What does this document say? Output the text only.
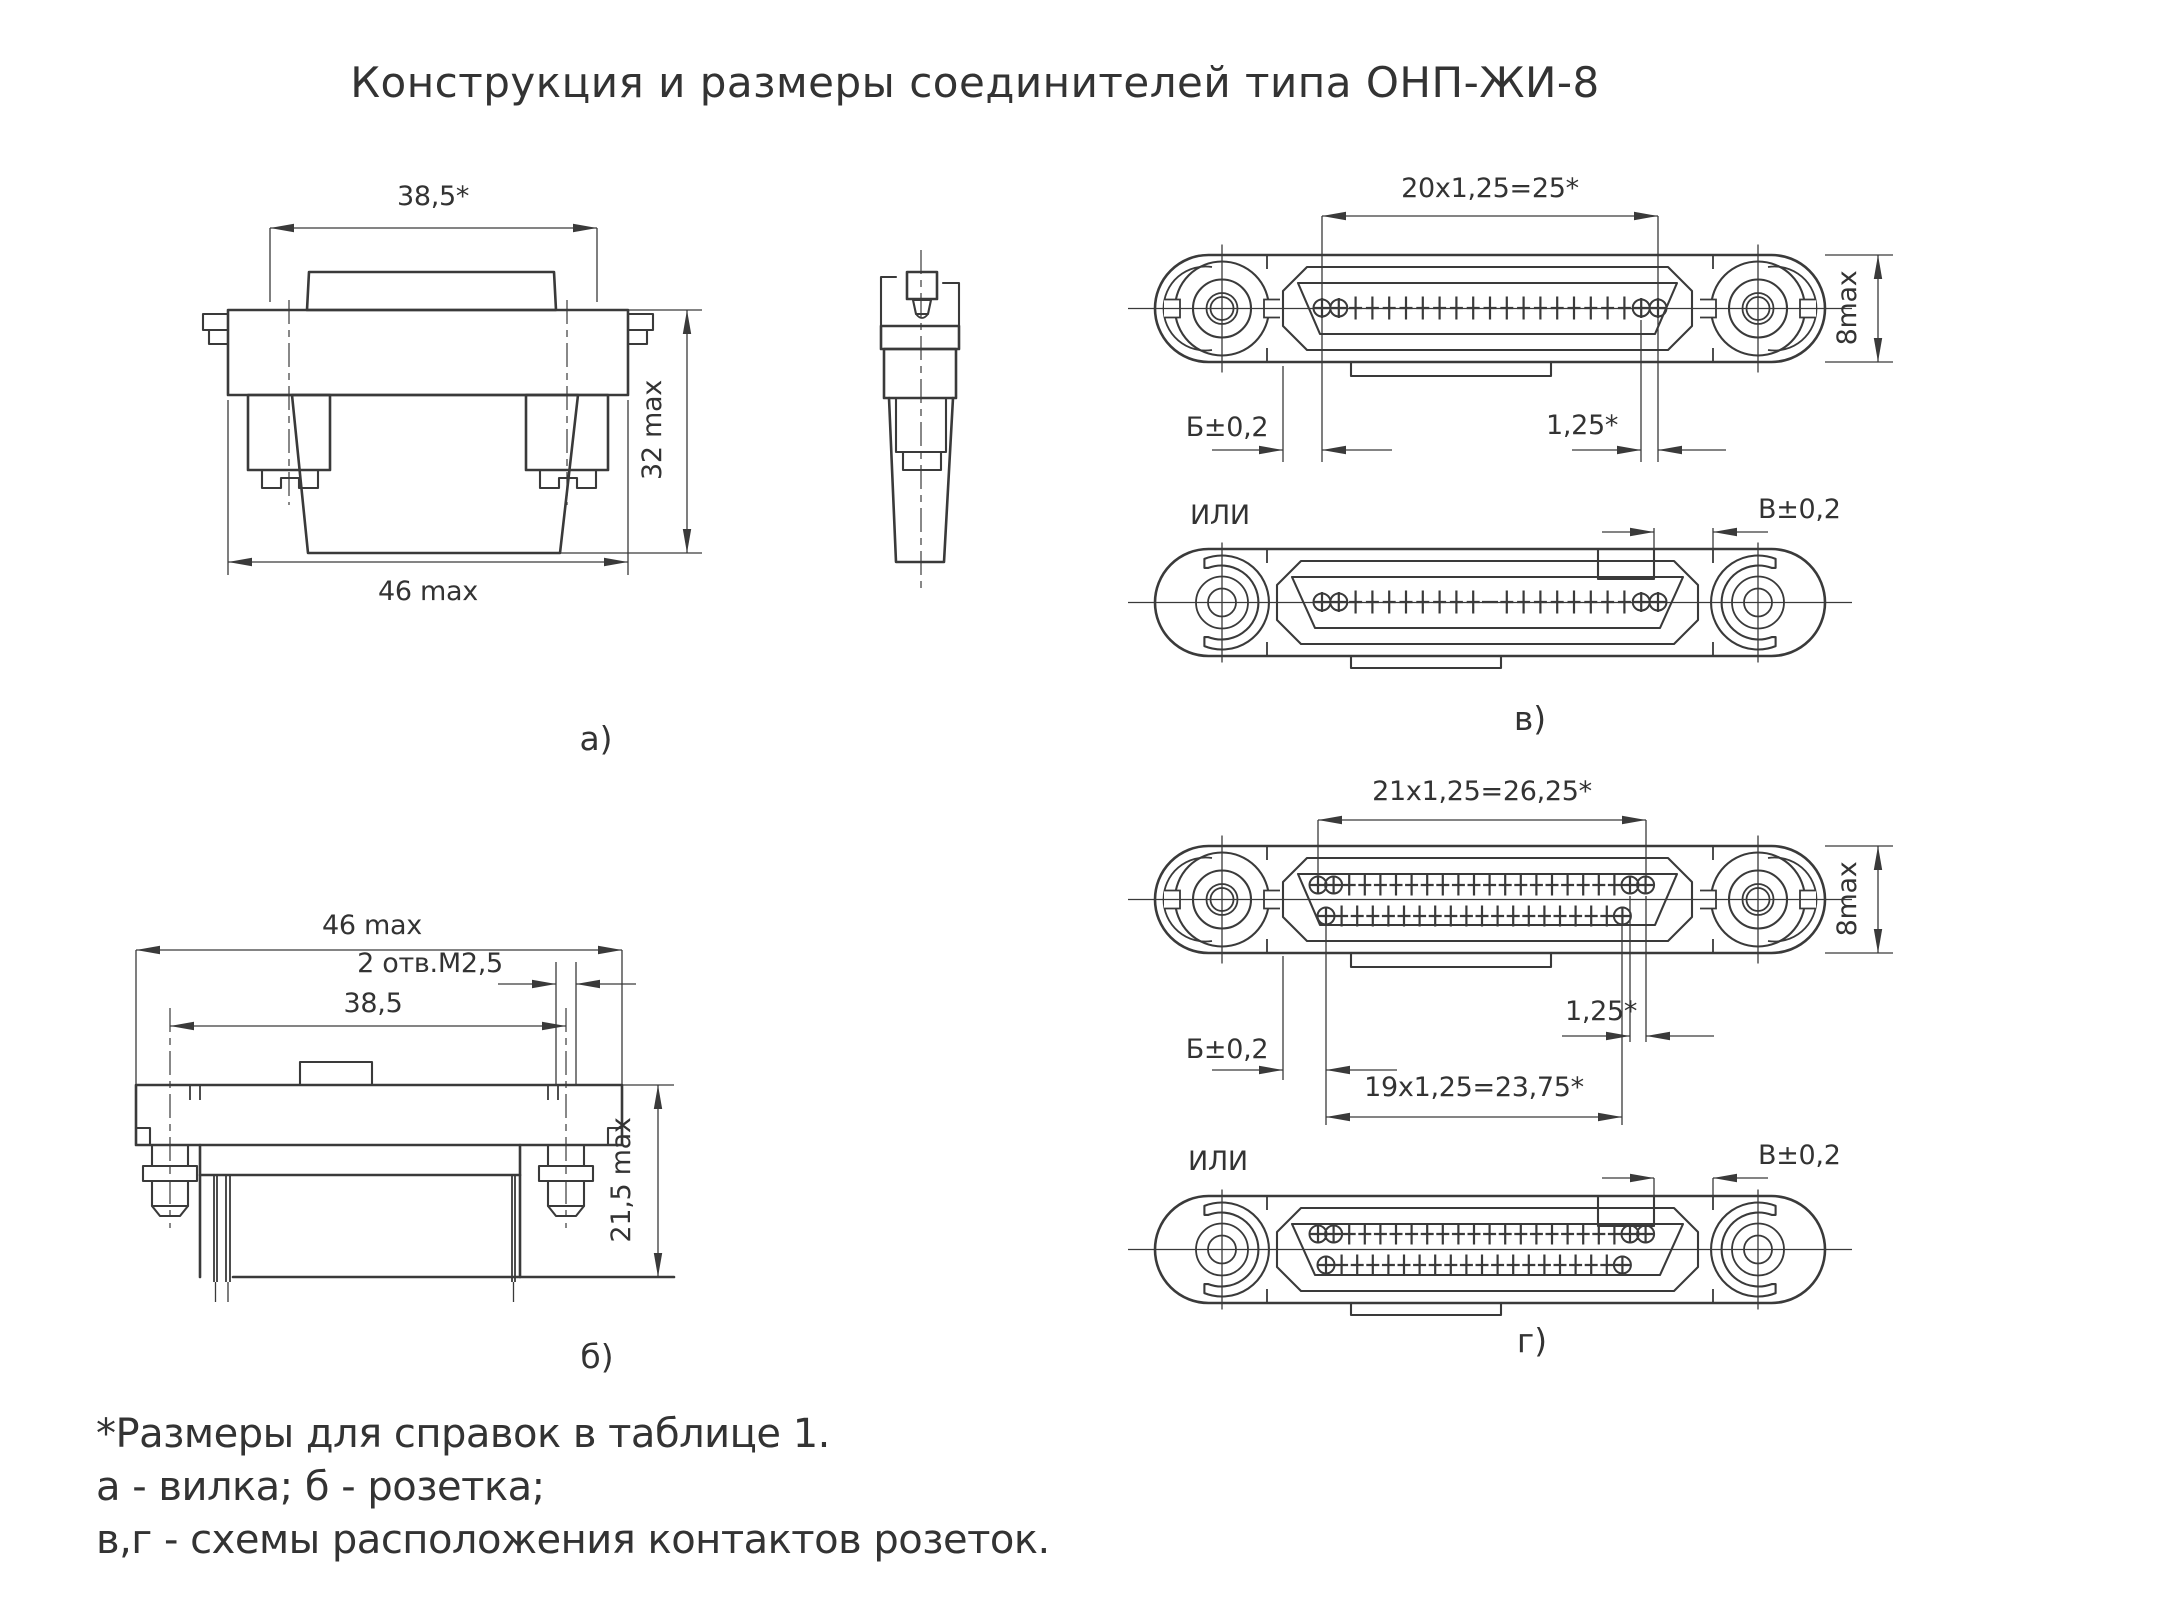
Конструкция и размеры соединителей типа ОНП-ЖИ-8
38,5*
32 max
46 max
а)
20x1,25=25*
8max
Б±0,2	1,25*
ИЛИ	В±0,2
в)
21х1,25=26,25*
8max
Б±0,2
1,25*
19х1,25=23,75*
ИЛИ	В±0,2
г)
46 max
2 отв.М2,5
38,5
21,5 max
б)
*Размеры для справок в таблице 1.
а - вилка; б - розетка;
в,г - схемы расположения контактов розеток.
